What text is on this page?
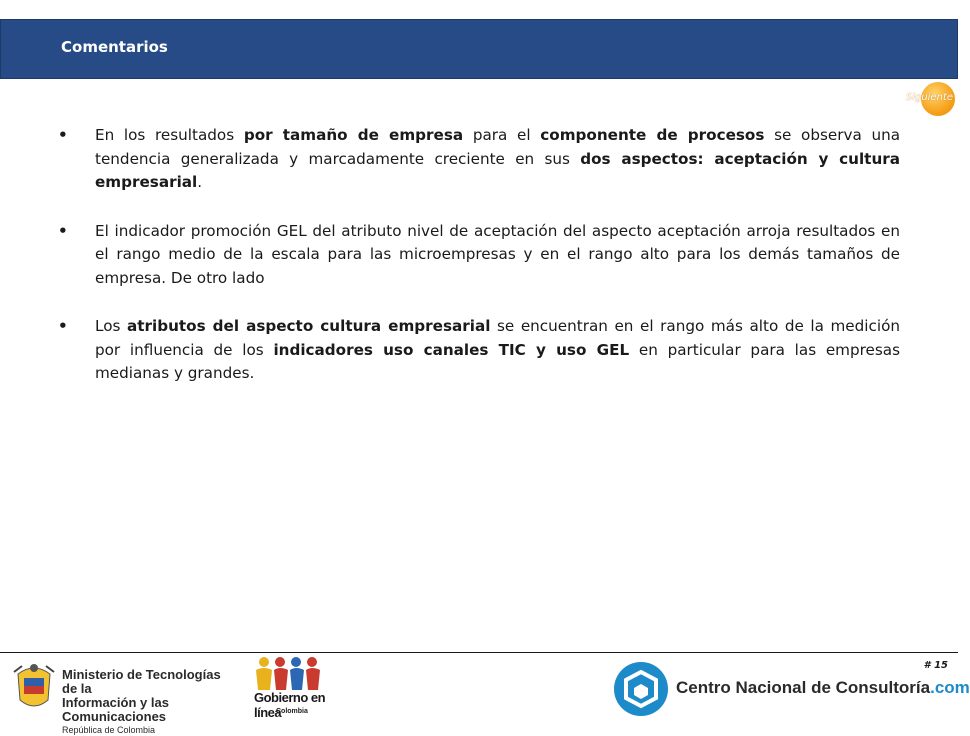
Comentarios
Siguiente
• En los resultados por tamaño de empresa para el componente de procesos se observa una tendencia generalizada y marcadamente creciente en sus dos aspectos: aceptación y cultura empresarial.
• El indicador promoción GEL del atributo nivel de aceptación del aspecto aceptación arroja resultados en el rango medio de la escala para las microempresas y en el rango alto para los demás tamaños de empresa. De otro lado
• Los atributos del aspecto cultura empresarial se encuentran en el rango más alto de la medición por influencia de los indicadores uso canales TIC y uso GEL en particular para las empresas medianas y grandes.
# 15
Ministerio de Tecnologías de la
Información y las Comunicaciones
República de Colombia
Gobierno en línea
Colombia
Centro Nacional de Consultoría.com
